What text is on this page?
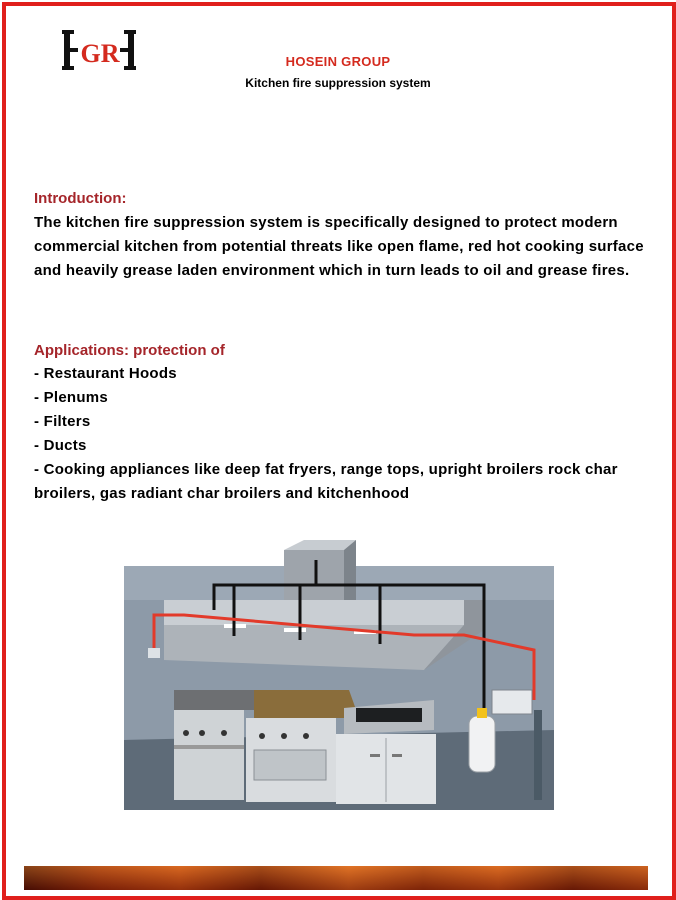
GR	HOSEIN GROUP
Kitchen fire suppression system
Introduction:
The kitchen fire suppression system is specifically designed to protect modern commercial kitchen from potential threats like open flame, red hot cooking surface and heavily grease laden environment which in turn leads to oil and grease fires.
Applications: protection of
- Restaurant Hoods
- Plenums
- Filters
- Ducts
- Cooking appliances like deep fat fryers, range tops, upright broilers rock char broilers, gas radiant char broilers and kitchenhood
